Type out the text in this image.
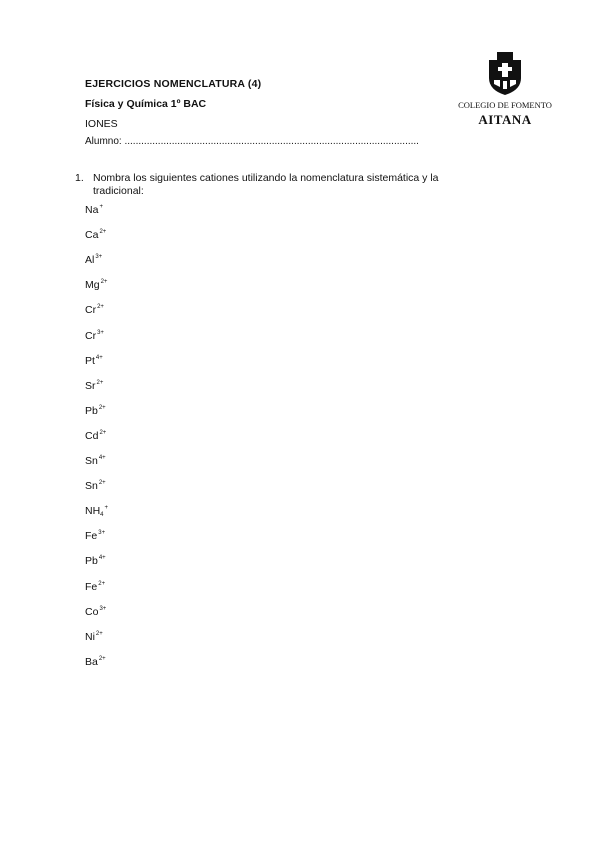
EJERCICIOS NOMENCLATURA (4)
Física y Química 1º BAC
IONES
Alumno: ..........................................................................................................
COLEGIO DE FOMENTO
AITANA
1. Nombra los siguientes cationes utilizando la nomenclatura sistemática y la tradicional:
Na+
$Ca^{2+}$
$Al^{3+}$
$Mg^{2+}$
$Cr^{2+}$
$Cr^{3+}$
$Pt^{4+}$
$Sr^{2+}$
$Pb^{2+}$
$Cd^{2+}$
$Sn^{4+}$
$Sn^{2+}$
$NH_4^+$
$Fe^{3+}$
$Pb^{4+}$
$Fe^{2+}$
$Co^{3+}$
$Ni^{2+}$
$Ba^{2+}$
